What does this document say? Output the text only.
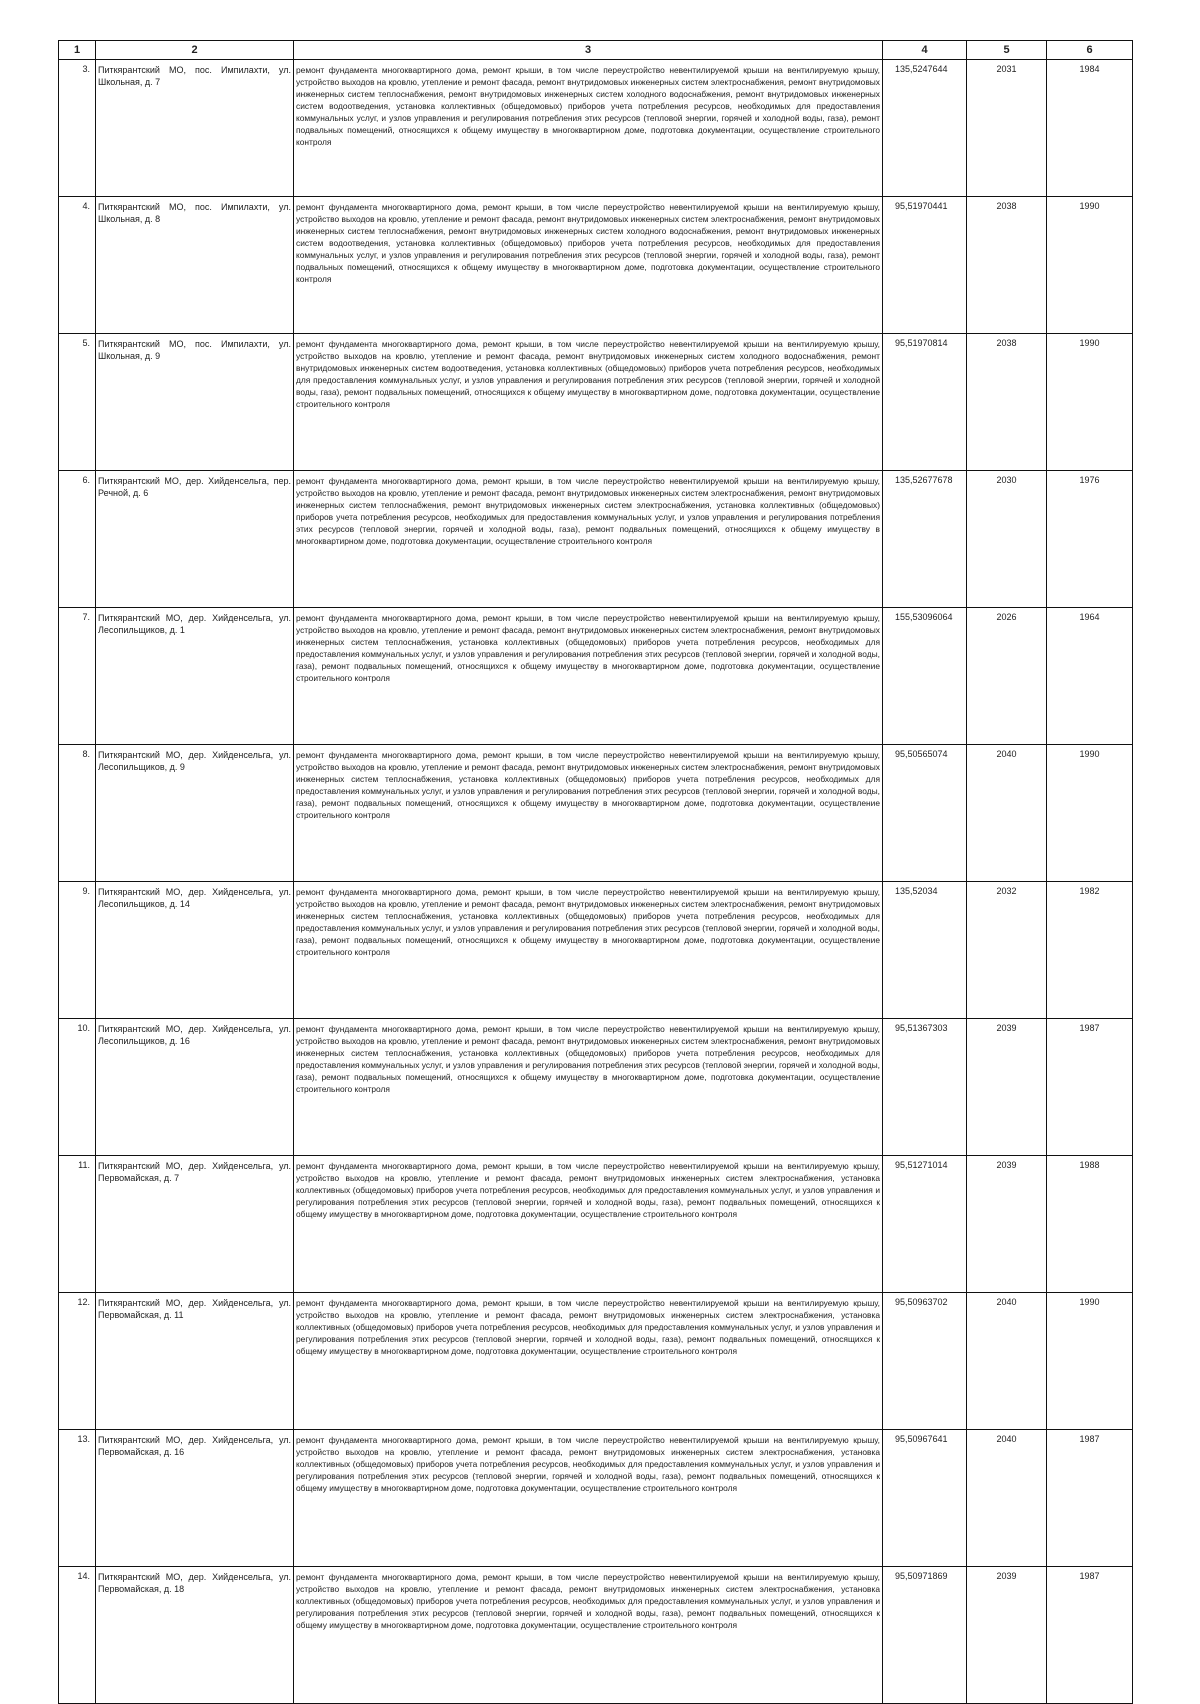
1	2	3	4	5	6
3.	Питкярантский МО, пос. Импилахти, ул. Школьная, д. 7	ремонт фундамента многоквартирного дома, ремонт крыши, в том числе переустройство невентилируемой крыши на вентилируемую крышу, устройство выходов на кровлю, утепление и ремонт фасада, ремонт внутридомовых инженерных систем электроснабжения, ремонт внутридомовых инженерных систем теплоснабжения, ремонт внутридомовых инженерных систем холодного водоснабжения, ремонт внутридомовых инженерных систем водоотведения, установка коллективных (общедомовых) приборов учета потребления ресурсов, необходимых для предоставления коммунальных услуг, и узлов управления и регулирования потребления этих ресурсов (тепловой энергии, горячей и холодной воды, газа), ремонт подвальных помещений, относящихся к общему имуществу в многоквартирном доме, подготовка документации, осуществление строительного контроля	135,5247644	2031	1984
4.	Питкярантский МО, пос. Импилахти, ул. Школьная, д. 8	ремонт фундамента многоквартирного дома, ремонт крыши, в том числе переустройство невентилируемой крыши на вентилируемую крышу, устройство выходов на кровлю, утепление и ремонт фасада, ремонт внутридомовых инженерных систем электроснабжения, ремонт внутридомовых инженерных систем теплоснабжения, ремонт внутридомовых инженерных систем холодного водоснабжения, ремонт внутридомовых инженерных систем водоотведения, установка коллективных (общедомовых) приборов учета потребления ресурсов, необходимых для предоставления коммунальных услуг, и узлов управления и регулирования потребления этих ресурсов (тепловой энергии, горячей и холодной воды, газа), ремонт подвальных помещений, относящихся к общему имуществу в многоквартирном доме, подготовка документации, осуществление строительного контроля	95,51970441	2038	1990
5.	Питкярантский МО, пос. Импилахти, ул. Школьная, д. 9	ремонт фундамента многоквартирного дома, ремонт крыши, в том числе переустройство невентилируемой крыши на вентилируемую крышу, устройство выходов на кровлю, утепление и ремонт фасада, ремонт внутридомовых инженерных систем холодного водоснабжения, ремонт внутридомовых инженерных систем водоотведения, установка коллективных (общедомовых) приборов учета потребления ресурсов, необходимых для предоставления коммунальных услуг, и узлов управления и регулирования потребления этих ресурсов (тепловой энергии, горячей и холодной воды, газа), ремонт подвальных помещений, относящихся к общему имуществу в многоквартирном доме, подготовка документации, осуществление строительного контроля	95,51970814	2038	1990
6.	Питкярантский МО, дер. Хийденсельга, пер. Речной, д. 6	ремонт фундамента многоквартирного дома, ремонт крыши, в том числе переустройство невентилируемой крыши на вентилируемую крышу, устройство выходов на кровлю, утепление и ремонт фасада, ремонт внутридомовых инженерных систем электроснабжения, ремонт внутридомовых инженерных систем теплоснабжения, ремонт внутридомовых инженерных систем электроснабжения, установка коллективных (общедомовых) приборов учета потребления ресурсов, необходимых для предоставления коммунальных услуг, и узлов управления и регулирования потребления этих ресурсов (тепловой энергии, горячей и холодной воды, газа), ремонт подвальных помещений, относящихся к общему имуществу в многоквартирном доме, подготовка документации, осуществление строительного контроля	135,52677678	2030	1976
7.	Питкярантский МО, дер. Хийденсельга, ул. Лесопильщиков, д. 1	ремонт фундамента многоквартирного дома, ремонт крыши, в том числе переустройство невентилируемой крыши на вентилируемую крышу, устройство выходов на кровлю, утепление и ремонт фасада, ремонт внутридомовых инженерных систем электроснабжения, ремонт внутридомовых инженерных систем теплоснабжения, установка коллективных (общедомовых) приборов учета потребления ресурсов, необходимых для предоставления коммунальных услуг, и узлов управления и регулирования потребления этих ресурсов (тепловой энергии, горячей и холодной воды, газа), ремонт подвальных помещений, относящихся к общему имуществу в многоквартирном доме, подготовка документации, осуществление строительного контроля	155,53096064	2026	1964
8.	Питкярантский МО, дер. Хийденсельга, ул. Лесопильщиков, д. 9	ремонт фундамента многоквартирного дома, ремонт крыши, в том числе переустройство невентилируемой крыши на вентилируемую крышу, устройство выходов на кровлю, утепление и ремонт фасада, ремонт внутридомовых инженерных систем электроснабжения, ремонт внутридомовых инженерных систем теплоснабжения, установка коллективных (общедомовых) приборов учета потребления ресурсов, необходимых для предоставления коммунальных услуг, и узлов управления и регулирования потребления этих ресурсов (тепловой энергии, горячей и холодной воды, газа), ремонт подвальных помещений, относящихся к общему имуществу в многоквартирном доме, подготовка документации, осуществление строительного контроля	95,50565074	2040	1990
9.	Питкярантский МО, дер. Хийденсельга, ул. Лесопильщиков, д. 14	ремонт фундамента многоквартирного дома, ремонт крыши, в том числе переустройство невентилируемой крыши на вентилируемую крышу, устройство выходов на кровлю, утепление и ремонт фасада, ремонт внутридомовых инженерных систем электроснабжения, ремонт внутридомовых инженерных систем теплоснабжения, установка коллективных (общедомовых) приборов учета потребления ресурсов, необходимых для предоставления коммунальных услуг, и узлов управления и регулирования потребления этих ресурсов (тепловой энергии, горячей и холодной воды, газа), ремонт подвальных помещений, относящихся к общему имуществу в многоквартирном доме, подготовка документации, осуществление строительного контроля	135,52034	2032	1982
10.	Питкярантский МО, дер. Хийденсельга, ул. Лесопильщиков, д. 16	ремонт фундамента многоквартирного дома, ремонт крыши, в том числе переустройство невентилируемой крыши на вентилируемую крышу, устройство выходов на кровлю, утепление и ремонт фасада, ремонт внутридомовых инженерных систем электроснабжения, ремонт внутридомовых инженерных систем теплоснабжения, установка коллективных (общедомовых) приборов учета потребления ресурсов, необходимых для предоставления коммунальных услуг, и узлов управления и регулирования потребления этих ресурсов (тепловой энергии, горячей и холодной воды, газа), ремонт подвальных помещений, относящихся к общему имуществу в многоквартирном доме, подготовка документации, осуществление строительного контроля	95,51367303	2039	1987
11.	Питкярантский МО, дер. Хийденсельга, ул. Первомайская, д. 7	ремонт фундамента многоквартирного дома, ремонт крыши, в том числе переустройство невентилируемой крыши на вентилируемую крышу, устройство выходов на кровлю, утепление и ремонт фасада, ремонт внутридомовых инженерных систем электроснабжения, установка коллективных (общедомовых) приборов учета потребления ресурсов, необходимых для предоставления коммунальных услуг, и узлов управления и регулирования потребления этих ресурсов (тепловой энергии, горячей и холодной воды, газа), ремонт подвальных помещений, относящихся к общему имуществу в многоквартирном доме, подготовка документации, осуществление строительного контроля	95,51271014	2039	1988
12.	Питкярантский МО, дер. Хийденсельга, ул. Первомайская, д. 11	ремонт фундамента многоквартирного дома, ремонт крыши, в том числе переустройство невентилируемой крыши на вентилируемую крышу, устройство выходов на кровлю, утепление и ремонт фасада, ремонт внутридомовых инженерных систем электроснабжения, установка коллективных (общедомовых) приборов учета потребления ресурсов, необходимых для предоставления коммунальных услуг, и узлов управления и регулирования потребления этих ресурсов (тепловой энергии, горячей и холодной воды, газа), ремонт подвальных помещений, относящихся к общему имуществу в многоквартирном доме, подготовка документации, осуществление строительного контроля	95,50963702	2040	1990
13.	Питкярантский МО, дер. Хийденсельга, ул. Первомайская, д. 16	ремонт фундамента многоквартирного дома, ремонт крыши, в том числе переустройство невентилируемой крыши на вентилируемую крышу, устройство выходов на кровлю, утепление и ремонт фасада, ремонт внутридомовых инженерных систем электроснабжения, установка коллективных (общедомовых) приборов учета потребления ресурсов, необходимых для предоставления коммунальных услуг, и узлов управления и регулирования потребления этих ресурсов (тепловой энергии, горячей и холодной воды, газа), ремонт подвальных помещений, относящихся к общему имуществу в многоквартирном доме, подготовка документации, осуществление строительного контроля	95,50967641	2040	1987
14.	Питкярантский МО, дер. Хийденсельга, ул. Первомайская, д. 18	ремонт фундамента многоквартирного дома, ремонт крыши, в том числе переустройство невентилируемой крыши на вентилируемую крышу, устройство выходов на кровлю, утепление и ремонт фасада, ремонт внутридомовых инженерных систем электроснабжения, установка коллективных (общедомовых) приборов учета потребления ресурсов, необходимых для предоставления коммунальных услуг, и узлов управления и регулирования потребления этих ресурсов (тепловой энергии, горячей и холодной воды, газа), ремонт подвальных помещений, относящихся к общему имуществу в многоквартирном доме, подготовка документации, осуществление строительного контроля	95,50971869	2039	1987
